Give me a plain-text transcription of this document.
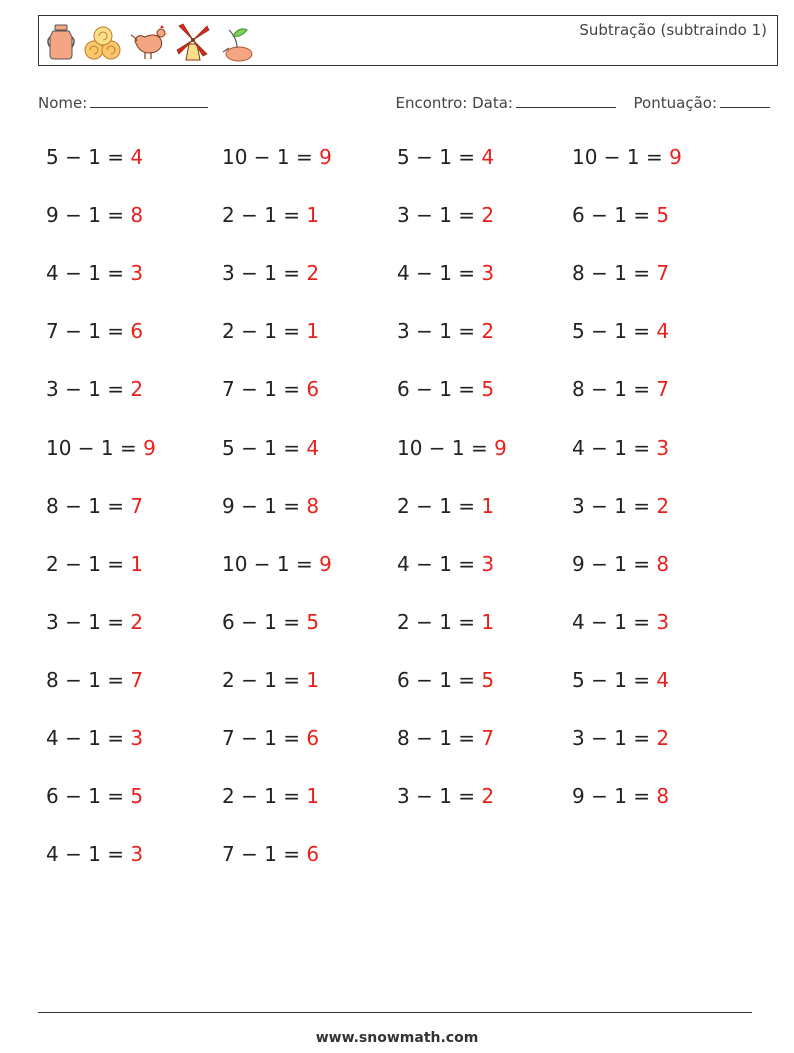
Subtração (subtraindo 1)
Nome:	Encontro: Data:	Pontuação:
5 − 1 = 4	10 − 1 = 9	5 − 1 = 4	10 − 1 = 9
9 − 1 = 8	2 − 1 = 1	3 − 1 = 2	6 − 1 = 5
4 − 1 = 3	3 − 1 = 2	4 − 1 = 3	8 − 1 = 7
7 − 1 = 6	2 − 1 = 1	3 − 1 = 2	5 − 1 = 4
3 − 1 = 2	7 − 1 = 6	6 − 1 = 5	8 − 1 = 7
10 − 1 = 9	5 − 1 = 4	10 − 1 = 9	4 − 1 = 3
8 − 1 = 7	9 − 1 = 8	2 − 1 = 1	3 − 1 = 2
2 − 1 = 1	10 − 1 = 9	4 − 1 = 3	9 − 1 = 8
3 − 1 = 2	6 − 1 = 5	2 − 1 = 1	4 − 1 = 3
8 − 1 = 7	2 − 1 = 1	6 − 1 = 5	5 − 1 = 4
4 − 1 = 3	7 − 1 = 6	8 − 1 = 7	3 − 1 = 2
6 − 1 = 5	2 − 1 = 1	3 − 1 = 2	9 − 1 = 8
4 − 1 = 3	7 − 1 = 6
www.snowmath.com
